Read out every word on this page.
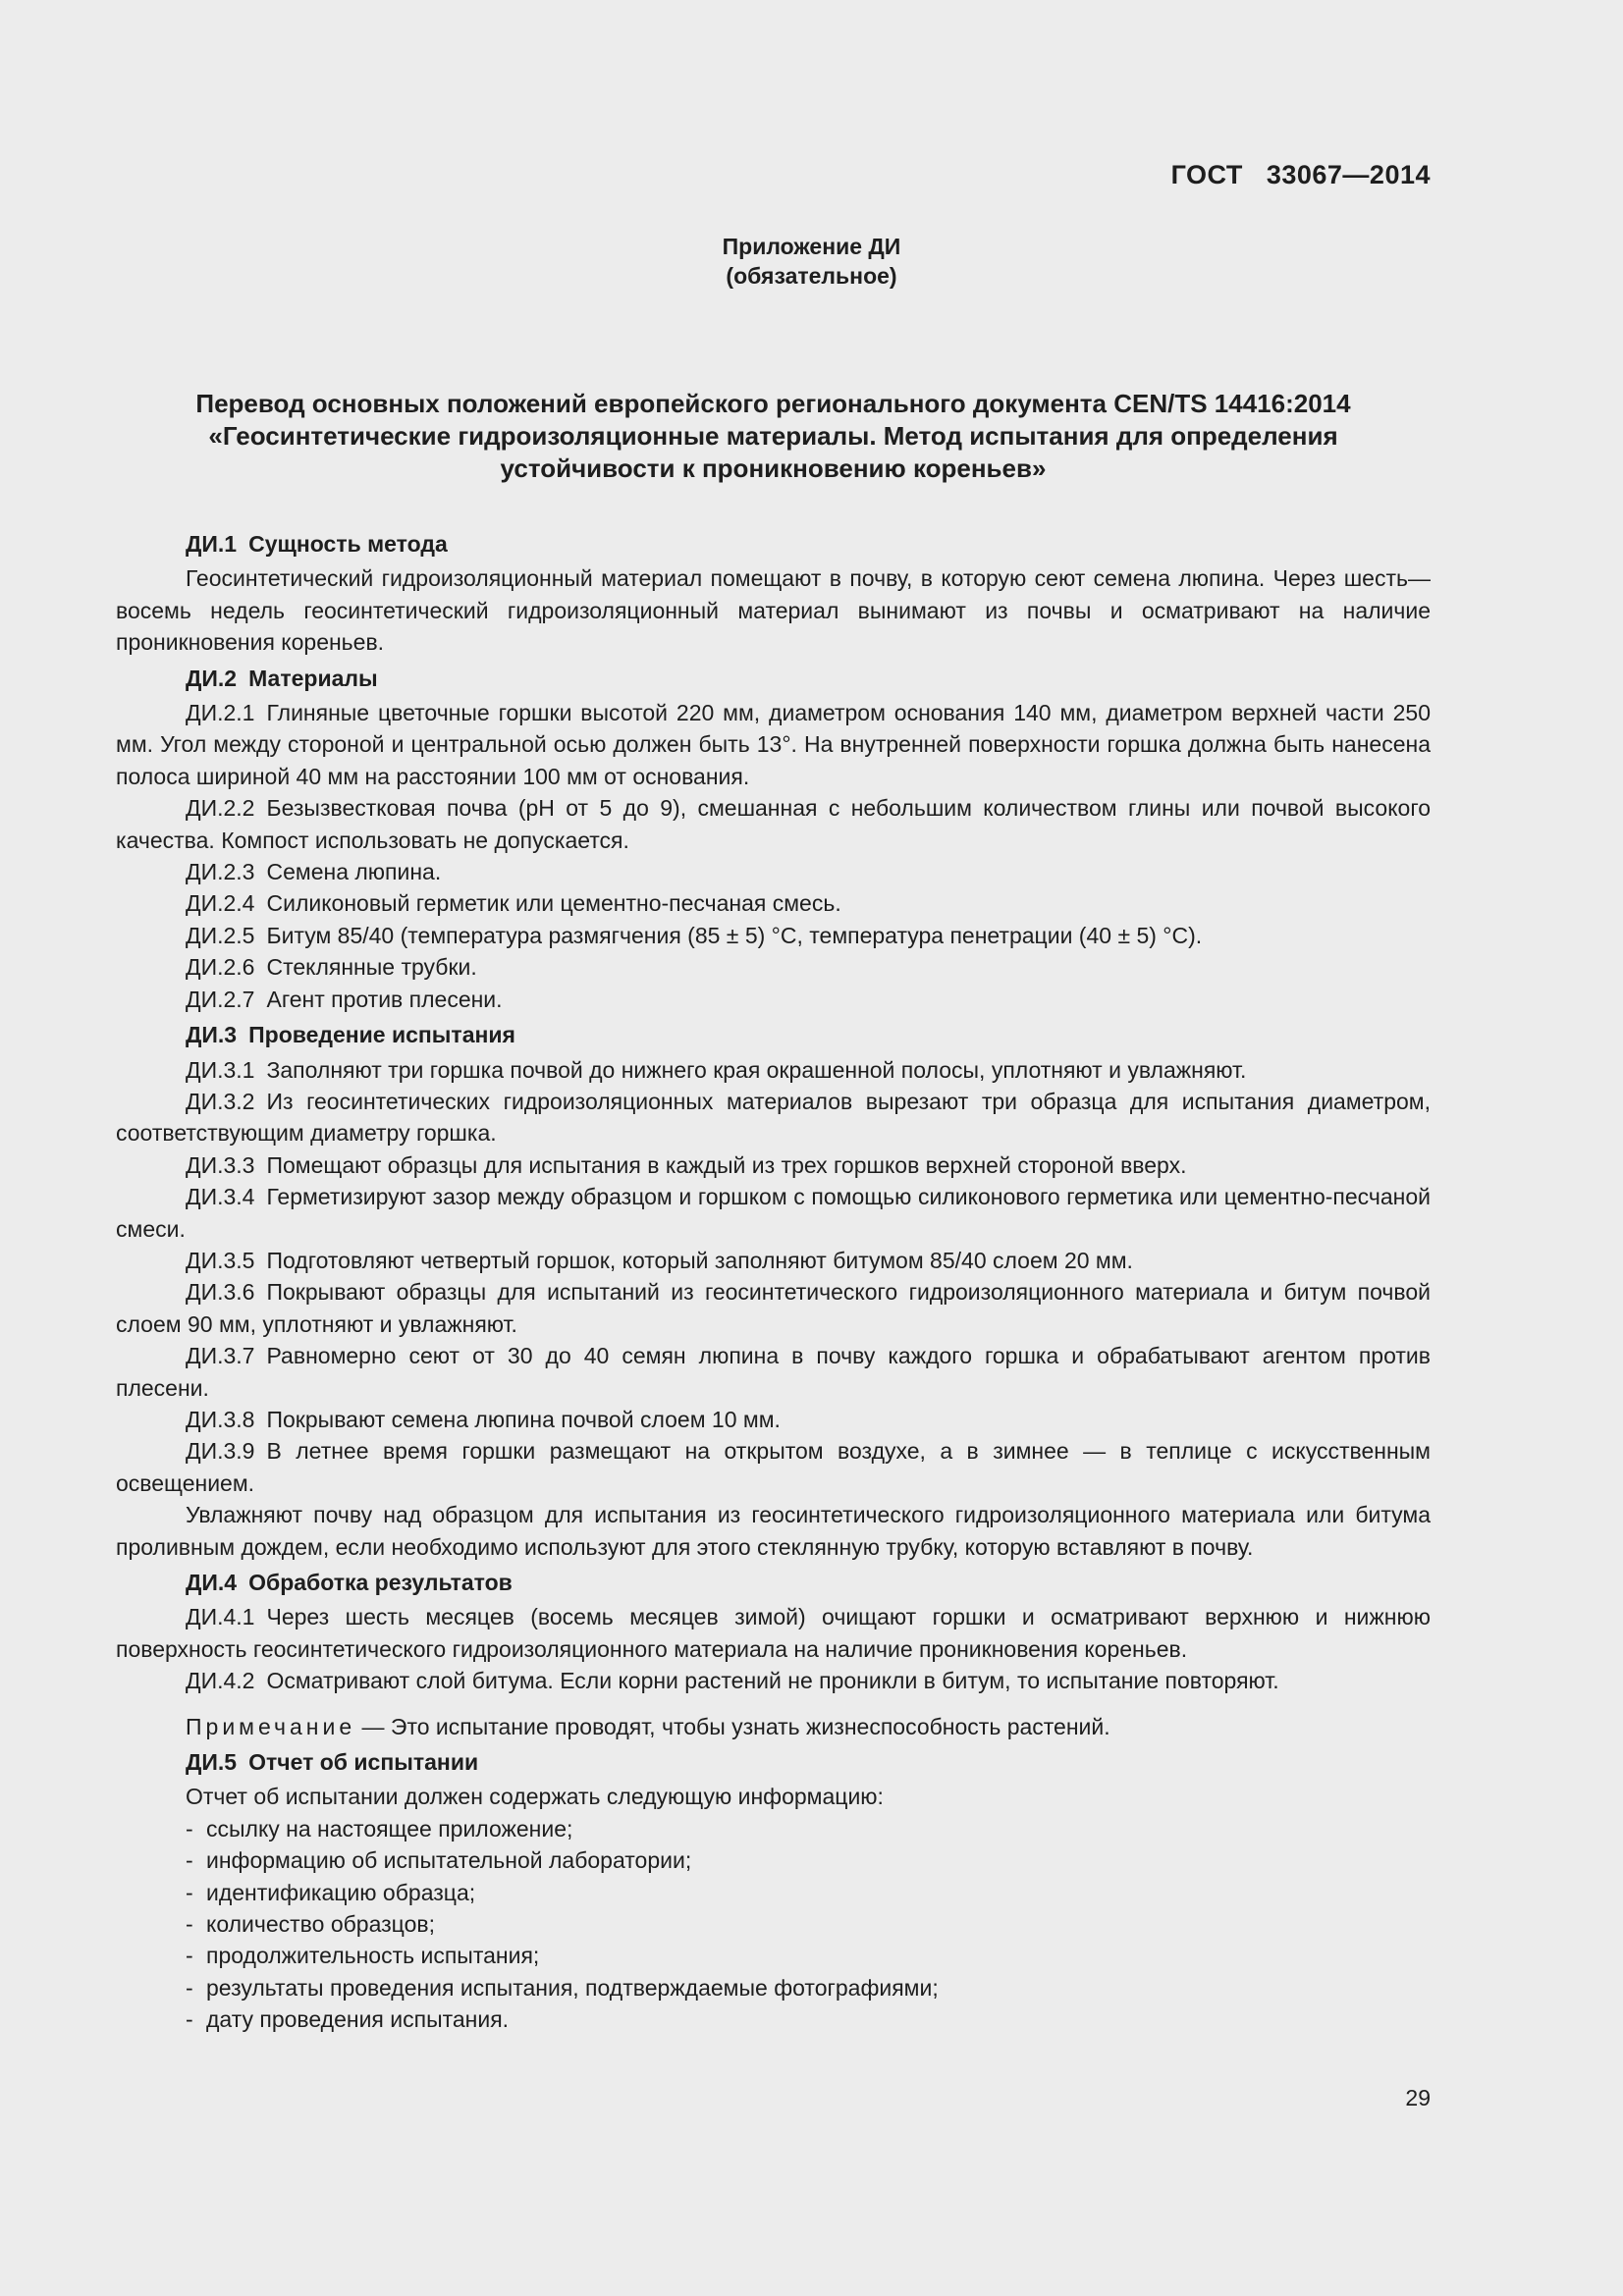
ГОСТ   33067—2014
Приложение ДИ
(обязательное)
Перевод основных положений европейского регионального документа CEN/TS 14416:2014
«Геосинтетические гидроизоляционные материалы. Метод испытания для определения
устойчивости к проникновению кореньев»

ДИ.1 Сущность метода

Геосинтетический гидроизоляционный материал помещают в почву, в которую сеют семена люпина. Через шесть—восемь недель геосинтетический гидроизоляционный материал вынимают из почвы и осматривают на наличие проникновения кореньев.

ДИ.2 Материалы

ДИ.2.1 Глиняные цветочные горшки высотой 220 мм, диаметром основания 140 мм, диаметром верхней части 250 мм. Угол между стороной и центральной осью должен быть 13°. На внутренней поверхности горшка должна быть нанесена полоса шириной 40 мм на расстоянии 100 мм от основания.

ДИ.2.2 Безызвестковая почва (pH от 5 до 9), смешанная с небольшим количеством глины или почвой высокого качества. Компост использовать не допускается.

ДИ.2.3 Семена люпина.

ДИ.2.4 Силиконовый герметик или цементно-песчаная смесь.

ДИ.2.5 Битум 85/40 (температура размягчения (85 ± 5) °С, температура пенетрации (40 ± 5) °С).

ДИ.2.6 Стеклянные трубки.

ДИ.2.7 Агент против плесени.

ДИ.3 Проведение испытания

ДИ.3.1 Заполняют три горшка почвой до нижнего края окрашенной полосы, уплотняют и увлажняют.

ДИ.3.2 Из геосинтетических гидроизоляционных материалов вырезают три образца для испытания диаметром, соответствующим диаметру горшка.

ДИ.3.3 Помещают образцы для испытания в каждый из трех горшков верхней стороной вверх.

ДИ.3.4 Герметизируют зазор между образцом и горшком с помощью силиконового герметика или цементно-песчаной смеси.

ДИ.3.5 Подготовляют четвертый горшок, который заполняют битумом 85/40 слоем 20 мм.

ДИ.3.6 Покрывают образцы для испытаний из геосинтетического гидроизоляционного материала и битум почвой слоем 90 мм, уплотняют и увлажняют.

ДИ.3.7 Равномерно сеют от 30 до 40 семян люпина в почву каждого горшка и обрабатывают агентом против плесени.

ДИ.3.8 Покрывают семена люпина почвой слоем 10 мм.

ДИ.3.9 В летнее время горшки размещают на открытом воздухе, а в зимнее — в теплице с искусственным освещением.

Увлажняют почву над образцом для испытания из геосинтетического гидроизоляционного материала или битума проливным дождем, если необходимо используют для этого стеклянную трубку, которую вставляют в почву.

ДИ.4 Обработка результатов

ДИ.4.1 Через шесть месяцев (восемь месяцев зимой) очищают горшки и осматривают верхнюю и нижнюю поверхность геосинтетического гидроизоляционного материала на наличие проникновения кореньев.

ДИ.4.2 Осматривают слой битума. Если корни растений не проникли в битум, то испытание повторяют.

Примечание — Это испытание проводят, чтобы узнать жизнеспособность растений.

ДИ.5 Отчет об испытании

Отчет об испытании должен содержать следующую информацию:

- ссылку на настоящее приложение;
- информацию об испытательной лаборатории;
- идентификацию образца;
- количество образцов;
- продолжительность испытания;
- результаты проведения испытания, подтверждаемые фотографиями;
- дату проведения испытания.
29
